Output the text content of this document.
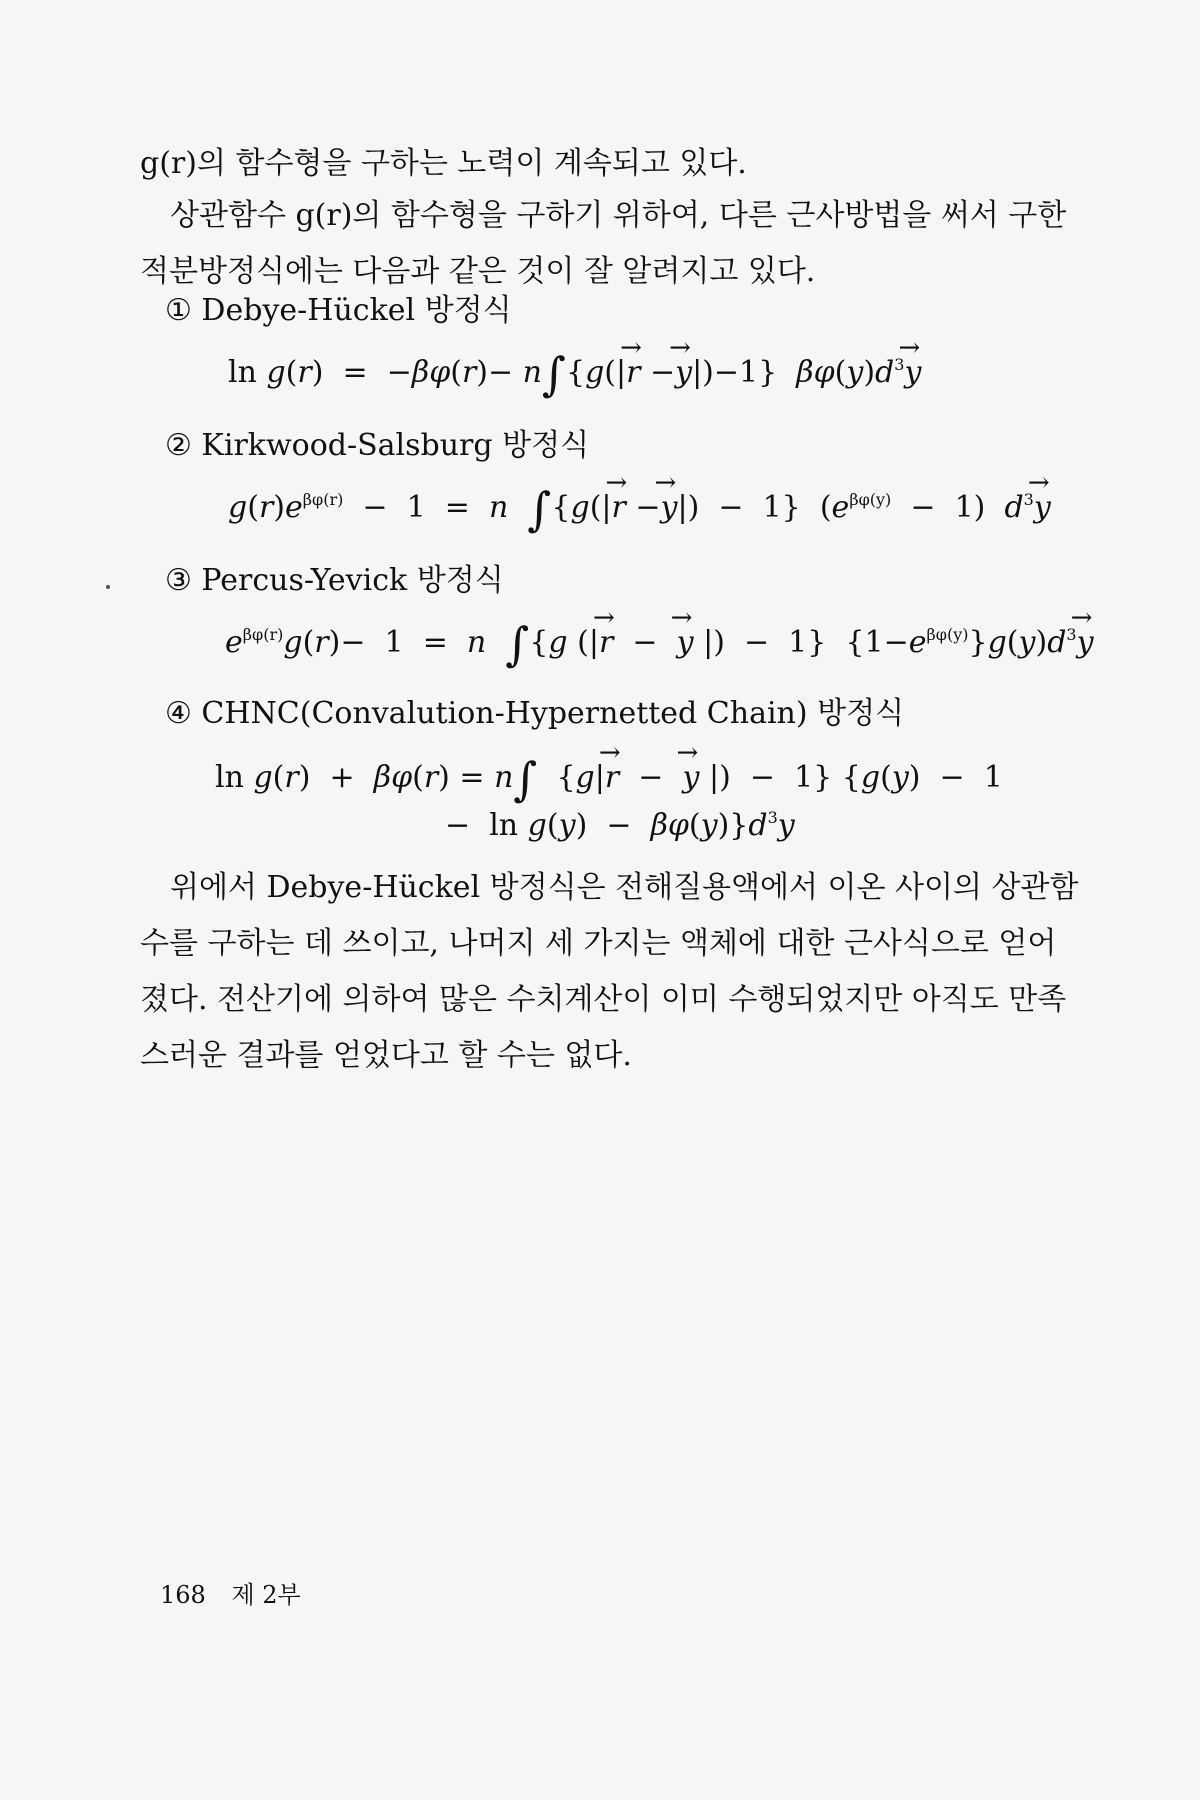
g(r)의 함수형을 구하는 노력이 계속되고 있다.

상관함수 g(r)의 함수형을 구하기 위하여, 다른 근사방법을 써서 구한 적분방정식에는 다음과 같은 것이 잘 알려지고 있다.

① Debye-Hückel 방정식
ln g(r)  =  −βφ(r)− n∫{g(|→ r −→ y|)−1}  $\beta\varphi(y)d^3\to y$
② Kirkwood-Salsburg 방정식
$g(r)e^{\beta\varphi(r)} - 1 = n$ ∫{g(|→ r −→ y|)  −  1}  $(e^{\beta\varphi(y)} - 1)$  $d^3\to y$
③ Percus-Yevick 방정식
$e^{\beta\varphi(r)}g(r)- 1 = n$ ∫{g (|→ r  −  → y |)  −  1}  $\{1-e^{\beta\varphi(y)}\}g(y)d^3\to y$
④ CHNC(Convalution-Hypernetted Chain) 방정식
ln g(r)  +  βφ(r) = n∫  {g|→ r  −  → y |)  −  1} {g(y)  −  1
−  $\ln g(y) - \beta\varphi(y)\}d^3y$

위에서 Debye-Hückel 방정식은 전해질용액에서 이온 사이의 상관함수를 구하는 데 쓰이고, 나머지 세 가지는 액체에 대한 근사식으로 얻어졌다. 전산기에 의하여 많은 수치계산이 이미 수행되었지만 아직도 만족스러운 결과를 얻었다고 할 수는 없다.

168 제 2부
